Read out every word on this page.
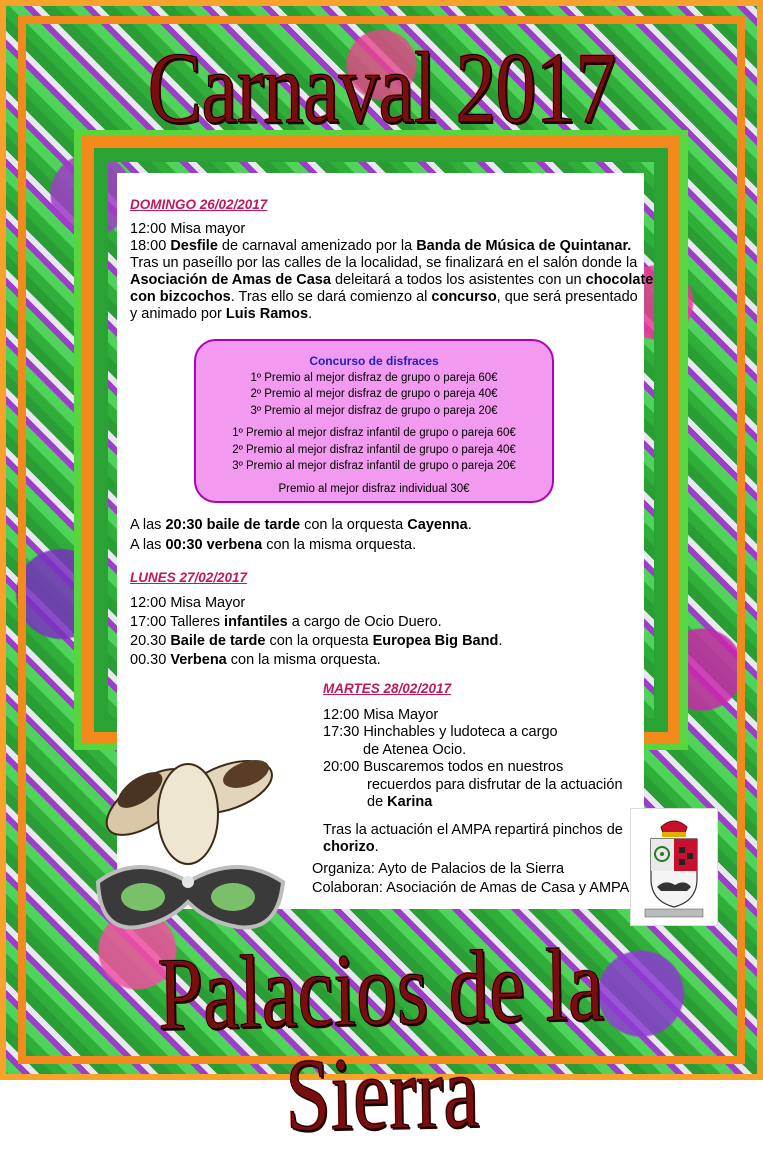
Carnaval 2017
DOMINGO 26/02/2017
12:00 Misa mayor
18:00 Desfile de carnaval amenizado por la Banda de Música de Quintanar.
Tras un paseíllo por las calles de la localidad, se finalizará en el salón donde la
Asociación de Amas de Casa deleitará a todos los asistentes con un chocolate
con bizcochos. Tras ello se dará comienzo al concurso, que será presentado
y animado por Luis Ramos.
Concurso de disfraces
1º Premio al mejor disfraz de grupo o pareja 60€
2º Premio al mejor disfraz de grupo o pareja 40€
3º Premio al mejor disfraz de grupo o pareja 20€
1º Premio al mejor disfraz infantil de grupo o pareja 60€
2º Premio al mejor disfraz infantil de grupo o pareja 40€
3º Premio al mejor disfraz infantil de grupo o pareja 20€
Premio al mejor disfraz individual 30€
A las 20:30 baile de tarde con la orquesta Cayenna.
A las 00:30 verbena con la misma orquesta.
LUNES 27/02/2017
12:00 Misa Mayor
17:00 Talleres infantiles a cargo de Ocio Duero.
20.30 Baile de tarde con la orquesta Europea Big Band.
00.30 Verbena con la misma orquesta.
MARTES 28/02/2017
12:00 Misa Mayor
17:30 Hinchables y ludoteca a cargo
de Atenea Ocio.
20:00 Buscaremos todos en nuestros
recuerdos para disfrutar de la actuación
de Karina
Tras la actuación el AMPA repartirá pinchos de
chorizo.
Organiza: Ayto de Palacios de la Sierra
Colaboran: Asociación de Amas de Casa y AMPA
Palacios de la Sierra
